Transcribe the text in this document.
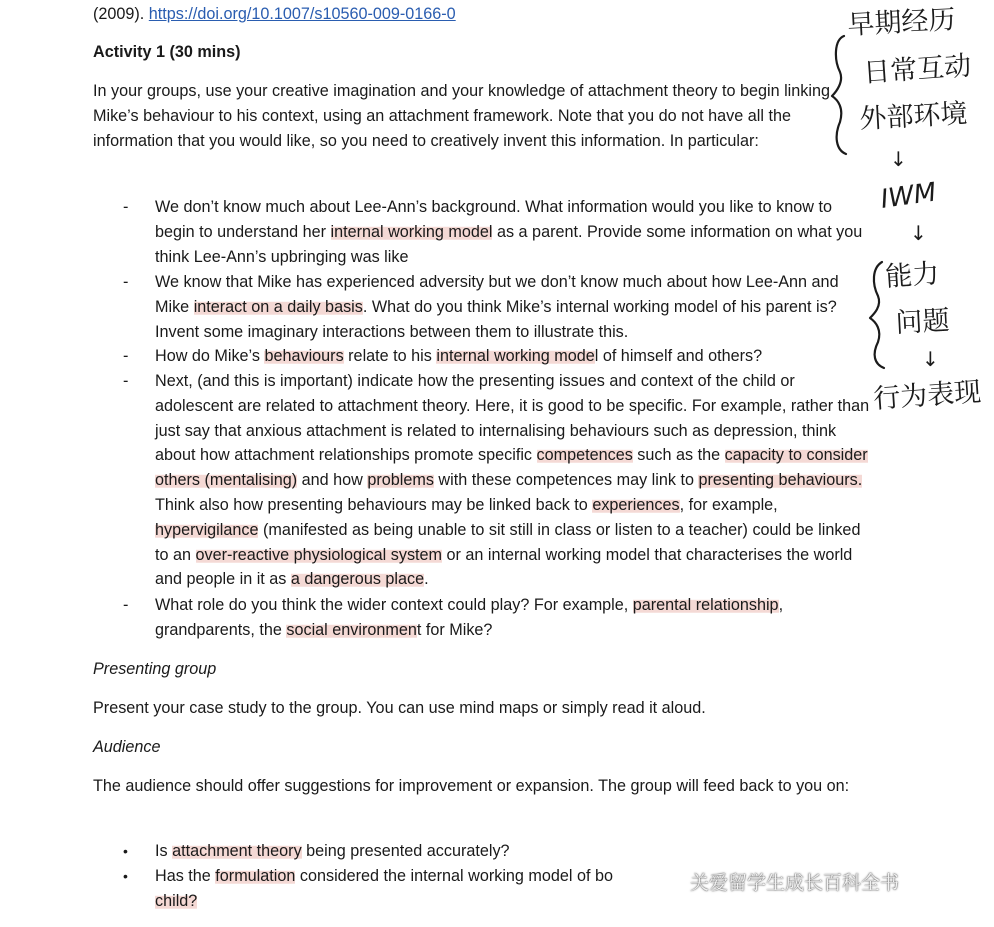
(2009). https://doi.org/10.1007/s10560-009-0166-0
Activity 1 (30 mins)
In your groups, use your creative imagination and your knowledge of attachment theory to begin linking Mike’s behaviour to his context, using an attachment framework. Note that you do not have all the information that you would like, so you need to creatively invent this information. In particular:
-	We don’t know much about Lee-Ann’s background. What information would you like to know to begin to understand her internal working model as a parent. Provide some information on what you think Lee-Ann’s upbringing was like
-	We know that Mike has experienced adversity but we don’t know much about how Lee-Ann and Mike interact on a daily basis. What do you think Mike’s internal working model of his parent is? Invent some imaginary interactions between them to illustrate this.
-	How do Mike’s behaviours relate to his internal working model of himself and others?
-	Next, (and this is important) indicate how the presenting issues and context of the child or adolescent are related to attachment theory. Here, it is good to be specific. For example, rather than just say that anxious attachment is related to internalising behaviours such as depression, think about how attachment relationships promote specific competences such as the capacity to consider others (mentalising) and how problems with these competences may link to presenting behaviours. Think also how presenting behaviours may be linked back to experiences, for example, hypervigilance (manifested as being unable to sit still in class or listen to a teacher) could be linked to an over-reactive physiological system or an internal working model that characterises the world and people in it as a dangerous place.
-	What role do you think the wider context could play? For example, parental relationship, grandparents, the social environment for Mike?
Presenting group
Present your case study to the group. You can use mind maps or simply read it aloud.
Audience
The audience should offer suggestions for improvement or expansion. The group will feed back to you on:
•	Is attachment theory being presented accurately?
•	Has the formulation considered the internal working model of bo
child?
早期经历
日常互动
外部环境
↓
IWM
↓
能力
问题
↓
行为表现
关爱留学生成长百科全书
